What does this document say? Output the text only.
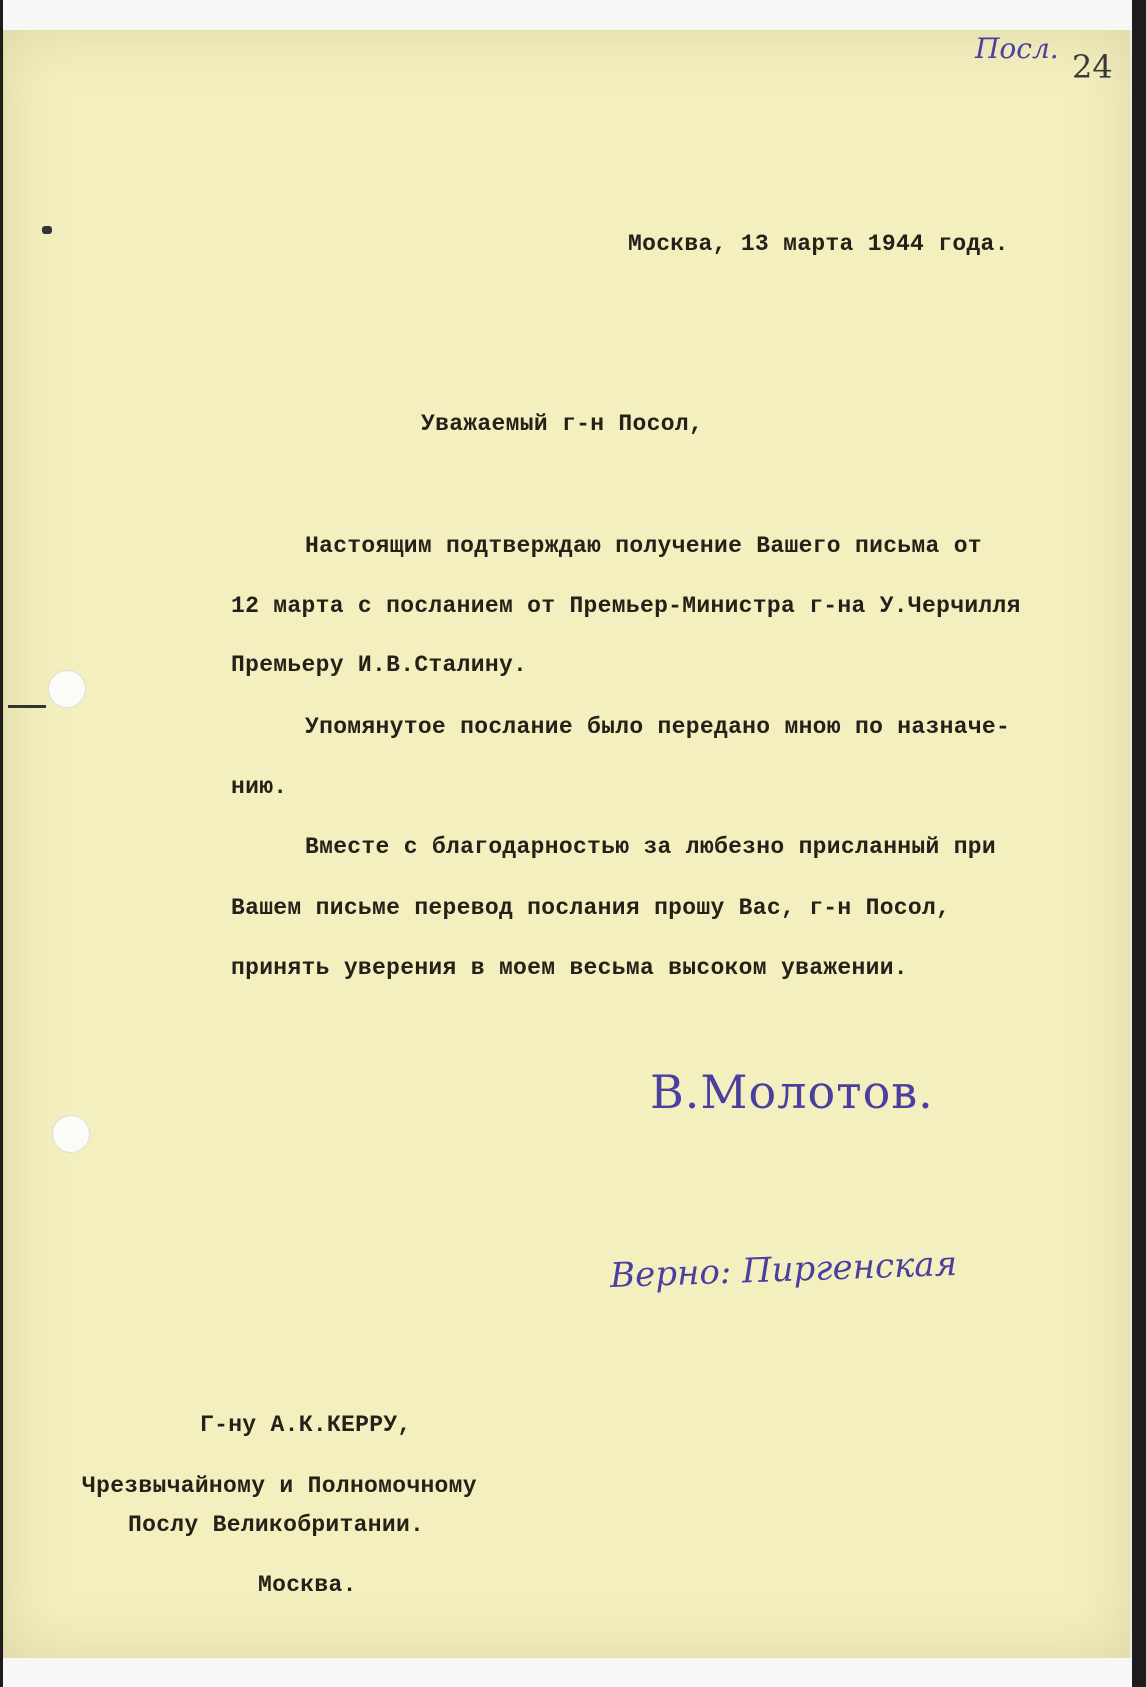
Посл. 24
Москва, 13 марта 1944 года.
Уважаемый г-н Посол,
Настоящим подтверждаю получение Вашего письма от
12 марта с посланием от Премьер-Министра г-на У.Черчилля
Премьеру И.В.Сталину.
Упомянутое послание было передано мною по назначе-
нию.
Вместе с благодарностью за любезно присланный при
Вашем письме перевод послания прошу Вас, г-н Посол,
принять уверения в моем весьма высоком уважении.
В.Молотов.
Верно: Пиргенская
Г-ну А.К.КЕРРУ,
Чрезвычайному и Полномочному
Послу Великобритании.
Москва.
